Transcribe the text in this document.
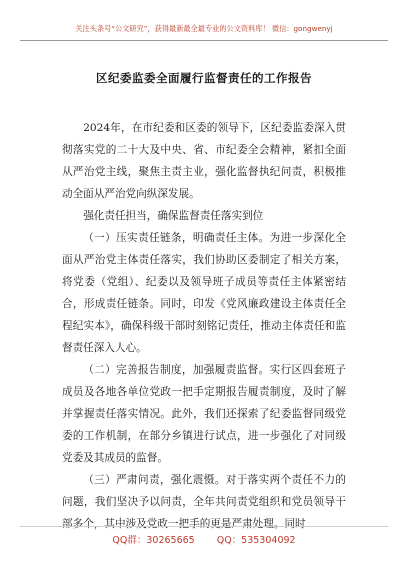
关注头条号“公文研究”，获得最新最全最专业的公文资料库！ 微信：gongwenyj
区纪委监委全面履行监督责任的工作报告

2024年，在市纪委和区委的领导下，区纪委监委深入贯彻落实党的二十大及中央、省、市纪委全会精神，紧扣全面从严治党主线，聚焦主责主业，强化监督执纪问责，积极推动全面从严治党向纵深发展。

强化责任担当，确保监督责任落实到位

（一）压实责任链条，明确责任主体。为进一步深化全面从严治党主体责任落实，我们协助区委制定了相关方案，将党委（党组）、纪委以及领导班子成员等责任主体紧密结合，形成责任链条。同时，印发《党风廉政建设主体责任全程纪实本》，确保科级干部时刻铭记责任，推动主体责任和监督责任深入人心。

（二）完善报告制度，加强履责监督。实行区四套班子成员及各地各单位党政一把手定期报告履责制度，及时了解并掌握责任落实情况。此外，我们还探索了纪委监督同级党委的工作机制，在部分乡镇进行试点，进一步强化了对同级党委及其成员的监督。

（三）严肃问责，强化震慑。对于落实两个责任不力的问题，我们坚决予以问责，全年共问责党组织和党员领导干部多个，其中涉及党政一把手的更是严肃处理。同时

QQ群：30265665 QQ：535304092
